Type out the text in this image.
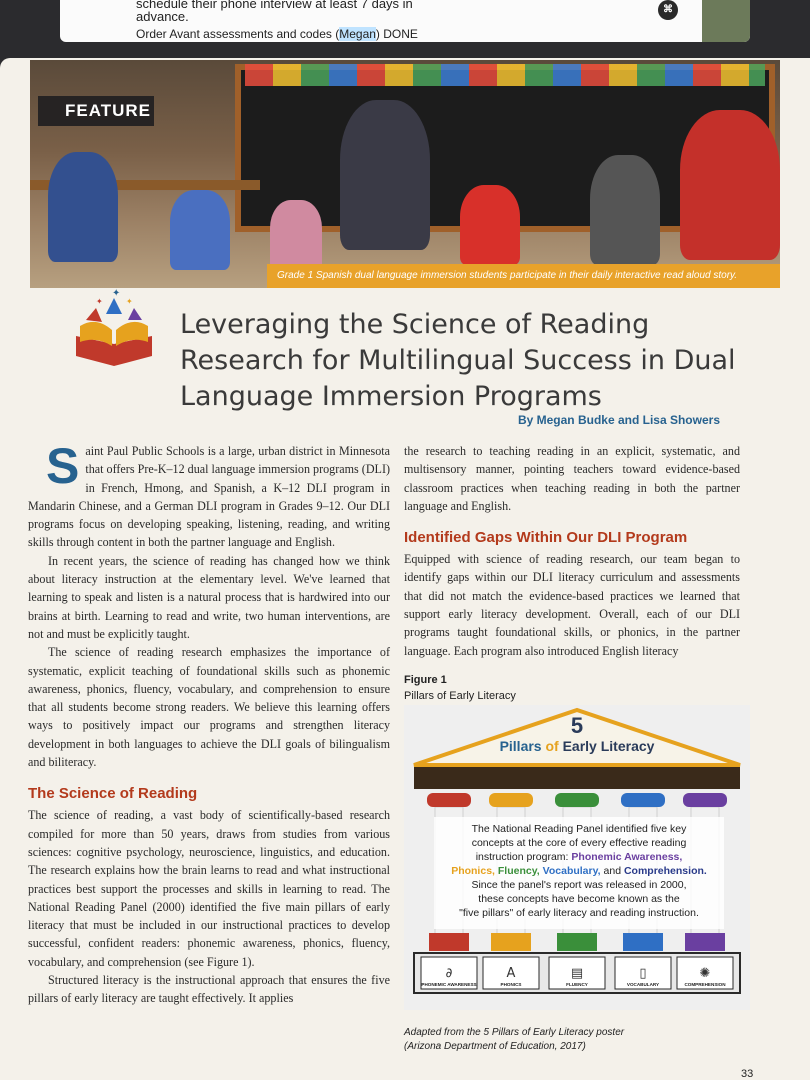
schedule their phone interview at least 7 days in
advance.
Order Avant assessments and codes (Megan) DONE
⌘
Grade 1 Spanish dual language immersion students participate in their daily interactive read aloud story.
FEATURE
✦
✦	✦
Leveraging the Science of Reading Research for Multilingual Success in Dual Language Immersion Programs
By Megan Budke and Lisa Showers

Saint Paul Public Schools is a large, urban district in Minnesota that offers Pre-K–12 dual language immersion programs (DLI) in French, Hmong, and Spanish, a K–12 DLI program in Mandarin Chinese, and a German DLI program in Grades 9–12. Our DLI programs focus on developing speaking, listening, reading, and writing skills through content in both the partner language and English.

In recent years, the science of reading has changed how we think about literacy instruction at the elementary level. We've learned that learning to speak and listen is a natural process that is hardwired into our brains at birth. Learning to read and write, two human interventions, are not and must be explicitly taught.

The science of reading research emphasizes the importance of systematic, explicit teaching of foundational skills such as phonemic awareness, phonics, fluency, vocabulary, and comprehension to ensure that all students become strong readers. We believe this learning offers ways to positively impact our programs and strengthen literacy development in both languages to achieve the DLI goals of bilingualism and biliteracy.

The Science of Reading

The science of reading, a vast body of scientifically-based research compiled for more than 50 years, draws from studies from various sciences: cognitive psychology, neuroscience, linguistics, and education. The research explains how the brain learns to read and what instructional practices best support the processes and skills in learning to read. The National Reading Panel (2000) identified the five main pillars of early literacy that must be included in our instructional practices to develop successful, confident readers: phonemic awareness, phonics, fluency, vocabulary, and comprehension (see Figure 1).

Structured literacy is the instructional approach that ensures the five pillars of early literacy are taught effectively. It applies

the research to teaching reading in an explicit, systematic, and multisensory manner, pointing teachers toward evidence-based classroom practices when teaching reading in both the partner language and English.

Identified Gaps Within Our DLI Program

Equipped with science of reading research, our team began to identify gaps within our DLI literacy curriculum and assessments that did not match the evidence-based practices we learned that support early literacy development. Overall, each of our DLI programs taught foundational skills, or phonics, in the partner language. Each program also introduced English literacy

Figure 1
Pillars of Early Literacy
5
Pillars of Early Literacy
The National Reading Panel identified five key
concepts at the core of every effective reading
instruction program: Phonemic Awareness,
Phonics, Fluency, Vocabulary, and Comprehension.
Since the panel's report was released in 2000,
these concepts have become known as the
"five pillars" of early literacy and reading instruction.
PHONEMIC AWARENESS	PHONICS	FLUENCY	VOCABULARY	COMPREHENSION
∂	A	▤	▯	✺
Adapted from the 5 Pillars of Early Literacy poster
(Arizona Department of Education, 2017)
33
